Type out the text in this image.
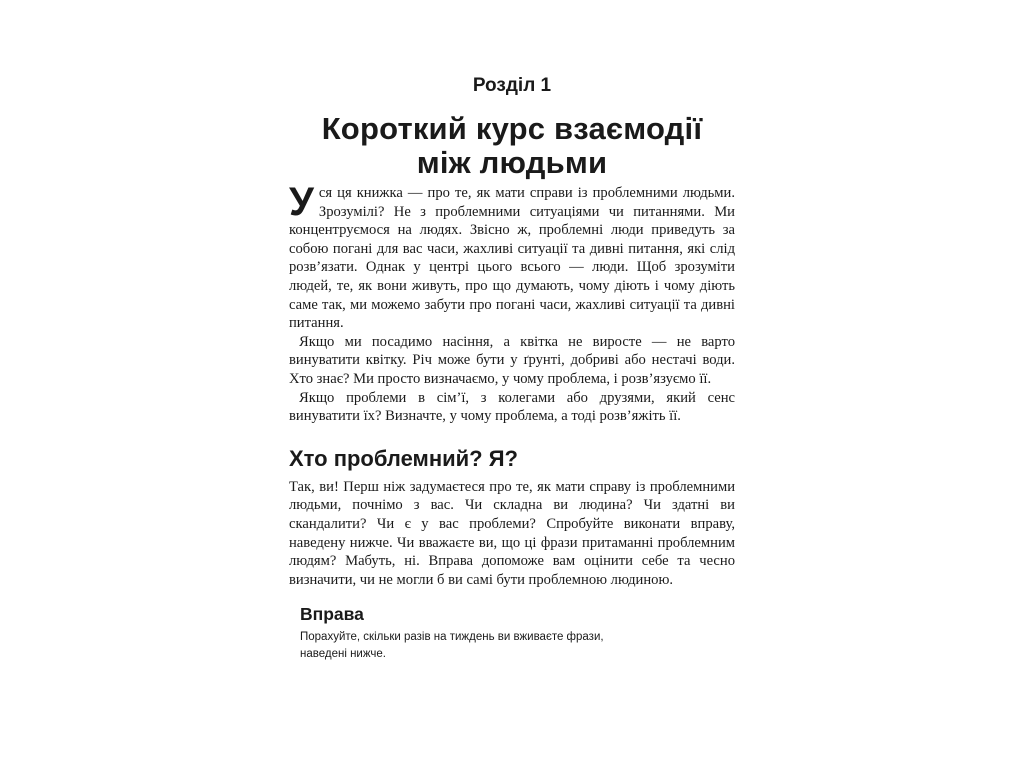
Розділ 1

Короткий курс взаємодії
між людьми

Уся ця книжка — про те, як мати справи із проблемними людьми. Зрозумілі? Не з проблемними ситуаціями чи питаннями. Ми концентруємося на людях. Звісно ж, проблемні люди приведуть за собою погані для вас часи, жахливі ситуації та дивні питання, які слід розв’язати. Однак у центрі цього всього — люди. Щоб зрозуміти людей, те, як вони живуть, про що думають, чому діють і чому діють саме так, ми можемо забути про погані часи, жахливі ситуації та дивні питання.

Якщо ми посадимо насіння, а квітка не виросте — не варто винуватити квітку. Річ може бути у ґрунті, добриві або нестачі води. Хто знає? Ми просто визначаємо, у чому проблема, і розв’язуємо її.

Якщо проблеми в сім’ї, з колегами або друзями, який сенс винуватити їх? Визначте, у чому проблема, а тоді розв’яжіть її.

Хто проблемний? Я?

Так, ви! Перш ніж задумаєтеся про те, як мати справу із проблемними людьми, почнімо з вас. Чи складна ви людина? Чи здатні ви скандалити? Чи є у вас проблеми? Спробуйте виконати вправу, наведену нижче. Чи вважаєте ви, що ці фрази притаманні проблемним людям? Мабуть, ні. Вправа допоможе вам оцінити себе та чесно визначити, чи не могли б ви самі бути проблемною людиною.

Вправа

Порахуйте, скільки разів на тиждень ви вживаєте фрази, наведені нижче.
